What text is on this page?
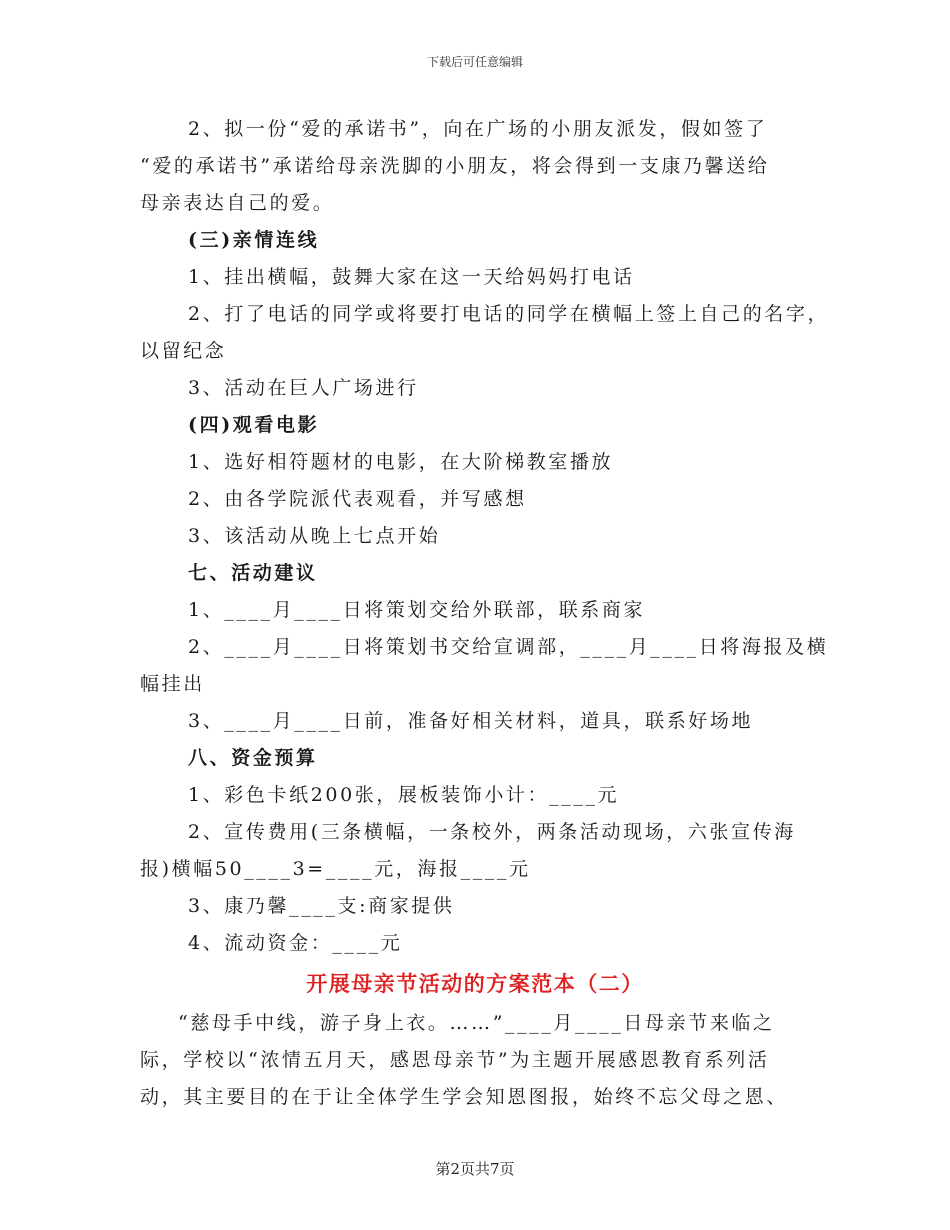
下载后可任意编辑
2、拟一份“爱的承诺书”，向在广场的小朋友派发，假如签了
“爱的承诺书”承诺给母亲洗脚的小朋友，将会得到一支康乃馨送给
母亲表达自己的爱。
(三)亲情连线
1、挂出横幅，鼓舞大家在这一天给妈妈打电话
2、打了电话的同学或将要打电话的同学在横幅上签上自己的名字，
以留纪念
3、活动在巨人广场进行
(四)观看电影
1、选好相符题材的电影，在大阶梯教室播放
2、由各学院派代表观看，并写感想
3、该活动从晚上七点开始
七、活动建议
1、____月____日将策划交给外联部，联系商家
2、____月____日将策划书交给宣调部，____月____日将海报及横
幅挂出
3、____月____日前，准备好相关材料，道具，联系好场地
八、资金预算
1、彩色卡纸200张，展板装饰小计：____元
2、宣传费用(三条横幅，一条校外，两条活动现场，六张宣传海
报)横幅50____3=____元，海报____元
3、康乃馨____支:商家提供
4、流动资金：____元
开展母亲节活动的方案范本（二）
“慈母手中线，游子身上衣。……”____月____日母亲节来临之
际，学校以“浓情五月天，感恩母亲节”为主题开展感恩教育系列活
动，其主要目的在于让全体学生学会知恩图报，始终不忘父母之恩、
第2页共7页
